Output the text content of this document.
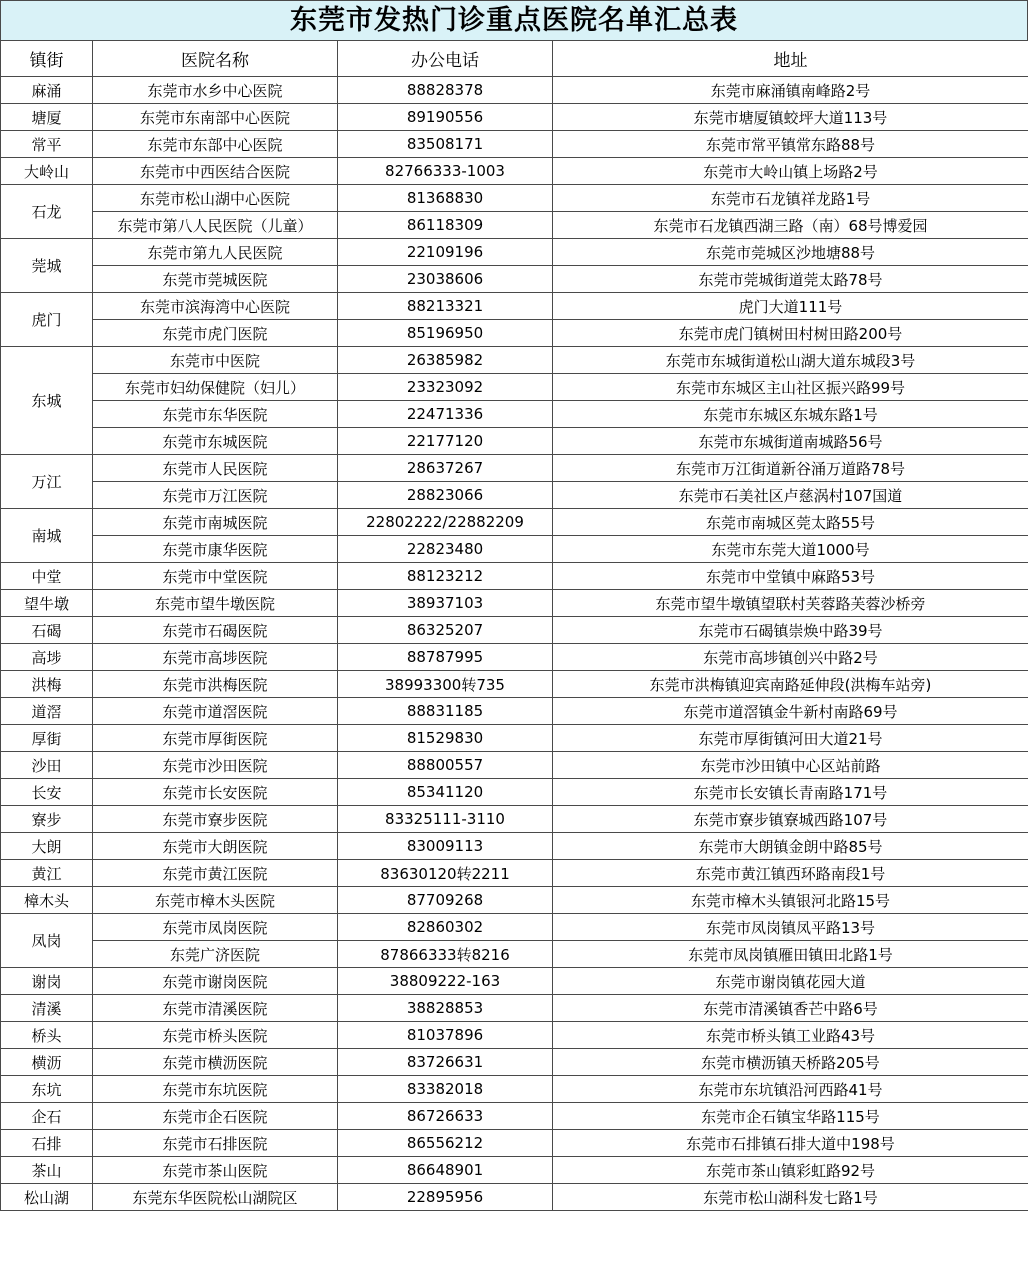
东莞市发热门诊重点医院名单汇总表
镇街	医院名称	办公电话	地址
麻涌	东莞市水乡中心医院	88828378	东莞市麻涌镇南峰路2号
塘厦	东莞市东南部中心医院	89190556	东莞市塘厦镇蛟坪大道113号
常平	东莞市东部中心医院	83508171	东莞市常平镇常东路88号
大岭山	东莞市中西医结合医院	82766333-1003	东莞市大岭山镇上场路2号
石龙	东莞市松山湖中心医院	81368830	东莞市石龙镇祥龙路1号
	东莞市第八人民医院（儿童）	86118309	东莞市石龙镇西湖三路（南）68号博爱园
莞城	东莞市第九人民医院	22109196	东莞市莞城区沙地塘88号
	东莞市莞城医院	23038606	东莞市莞城街道莞太路78号
虎门	东莞市滨海湾中心医院	88213321	虎门大道111号
	东莞市虎门医院	85196950	东莞市虎门镇树田村树田路200号
东城	东莞市中医院	26385982	东莞市东城街道松山湖大道东城段3号
	东莞市妇幼保健院（妇儿）	23323092	东莞市东城区主山社区振兴路99号
	东莞市东华医院	22471336	东莞市东城区东城东路1号
	东莞市东城医院	22177120	东莞市东城街道南城路56号
万江	东莞市人民医院	28637267	东莞市万江街道新谷涌万道路78号
	东莞市万江医院	28823066	东莞市石美社区卢慈涡村107国道
南城	东莞市南城医院	22802222/22882209	东莞市南城区莞太路55号
	东莞市康华医院	22823480	东莞市东莞大道1000号
中堂	东莞市中堂医院	88123212	东莞市中堂镇中麻路53号
望牛墩	东莞市望牛墩医院	38937103	东莞市望牛墩镇望联村芙蓉路芙蓉沙桥旁
石碣	东莞市石碣医院	86325207	东莞市石碣镇崇焕中路39号
高埗	东莞市高埗医院	88787995	东莞市高埗镇创兴中路2号
洪梅	东莞市洪梅医院	38993300转735	东莞市洪梅镇迎宾南路延伸段(洪梅车站旁)
道滘	东莞市道滘医院	88831185	东莞市道滘镇金牛新村南路69号
厚街	东莞市厚街医院	81529830	东莞市厚街镇河田大道21号
沙田	东莞市沙田医院	88800557	东莞市沙田镇中心区站前路
长安	东莞市长安医院	85341120	东莞市长安镇长青南路171号
寮步	东莞市寮步医院	83325111-3110	东莞市寮步镇寮城西路107号
大朗	东莞市大朗医院	83009113	东莞市大朗镇金朗中路85号
黄江	东莞市黄江医院	83630120转2211	东莞市黄江镇西环路南段1号
樟木头	东莞市樟木头医院	87709268	东莞市樟木头镇银河北路15号
凤岗	东莞市凤岗医院	82860302	东莞市凤岗镇凤平路13号
	东莞广济医院	87866333转8216	东莞市凤岗镇雁田镇田北路1号
谢岗	东莞市谢岗医院	38809222-163	东莞市谢岗镇花园大道
清溪	东莞市清溪医院	38828853	东莞市清溪镇香芒中路6号
桥头	东莞市桥头医院	81037896	东莞市桥头镇工业路43号
横沥	东莞市横沥医院	83726631	东莞市横沥镇天桥路205号
东坑	东莞市东坑医院	83382018	东莞市东坑镇沿河西路41号
企石	东莞市企石医院	86726633	东莞市企石镇宝华路115号
石排	东莞市石排医院	86556212	东莞市石排镇石排大道中198号
茶山	东莞市茶山医院	86648901	东莞市茶山镇彩虹路92号
松山湖	东莞东华医院松山湖院区	22895956	东莞市松山湖科发七路1号
